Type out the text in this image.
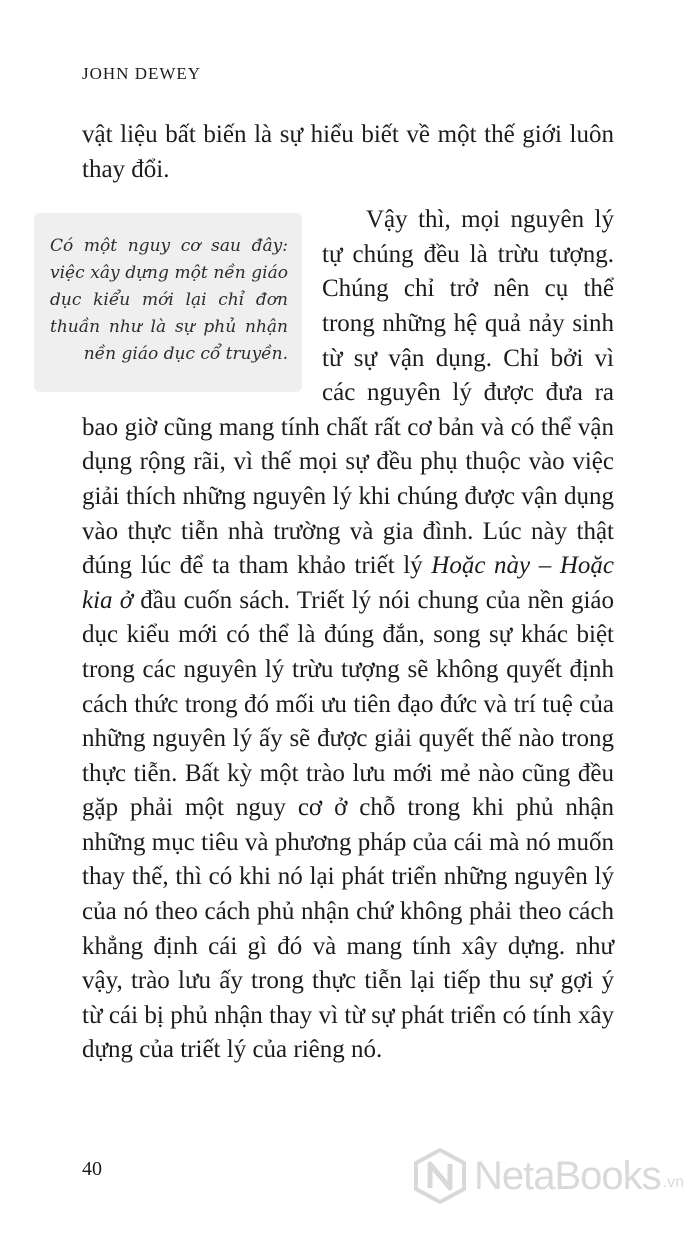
JOHN DEWEY

vật liệu bất biến là sự hiểu biết về một thế giới luôn thay đổi.

Có một nguy cơ sau đây: việc xây dựng một nền giáo dục kiểu mới lại chỉ đơn thuần như là sự phủ nhận nền giáo dục cổ truyền.

Vậy thì, mọi nguyên lý tự chúng đều là trừu tượng. Chúng chỉ trở nên cụ thể trong những hệ quả nảy sinh từ sự vận dụng. Chỉ bởi vì các nguyên lý được đưa ra bao giờ cũng mang tính chất rất cơ bản và có thể vận dụng rộng rãi, vì thế mọi sự đều phụ thuộc vào việc giải thích những nguyên lý khi chúng được vận dụng vào thực tiễn nhà trường và gia đình. Lúc này thật đúng lúc để ta tham khảo triết lý Hoặc này – Hoặc kia ở đầu cuốn sách. Triết lý nói chung của nền giáo dục kiểu mới có thể là đúng đắn, song sự khác biệt trong các nguyên lý trừu tượng sẽ không quyết định cách thức trong đó mối ưu tiên đạo đức và trí tuệ của những nguyên lý ấy sẽ được giải quyết thế nào trong thực tiễn. Bất kỳ một trào lưu mới mẻ nào cũng đều gặp phải một nguy cơ ở chỗ trong khi phủ nhận những mục tiêu và phương pháp của cái mà nó muốn thay thế, thì có khi nó lại phát triển những nguyên lý của nó theo cách phủ nhận chứ không phải theo cách khẳng định cái gì đó và mang tính xây dựng. như vậy, trào lưu ấy trong thực tiễn lại tiếp thu sự gợi ý từ cái bị phủ nhận thay vì từ sự phát triển có tính xây dựng của triết lý của riêng nó.

40	NetaBooks .vn
